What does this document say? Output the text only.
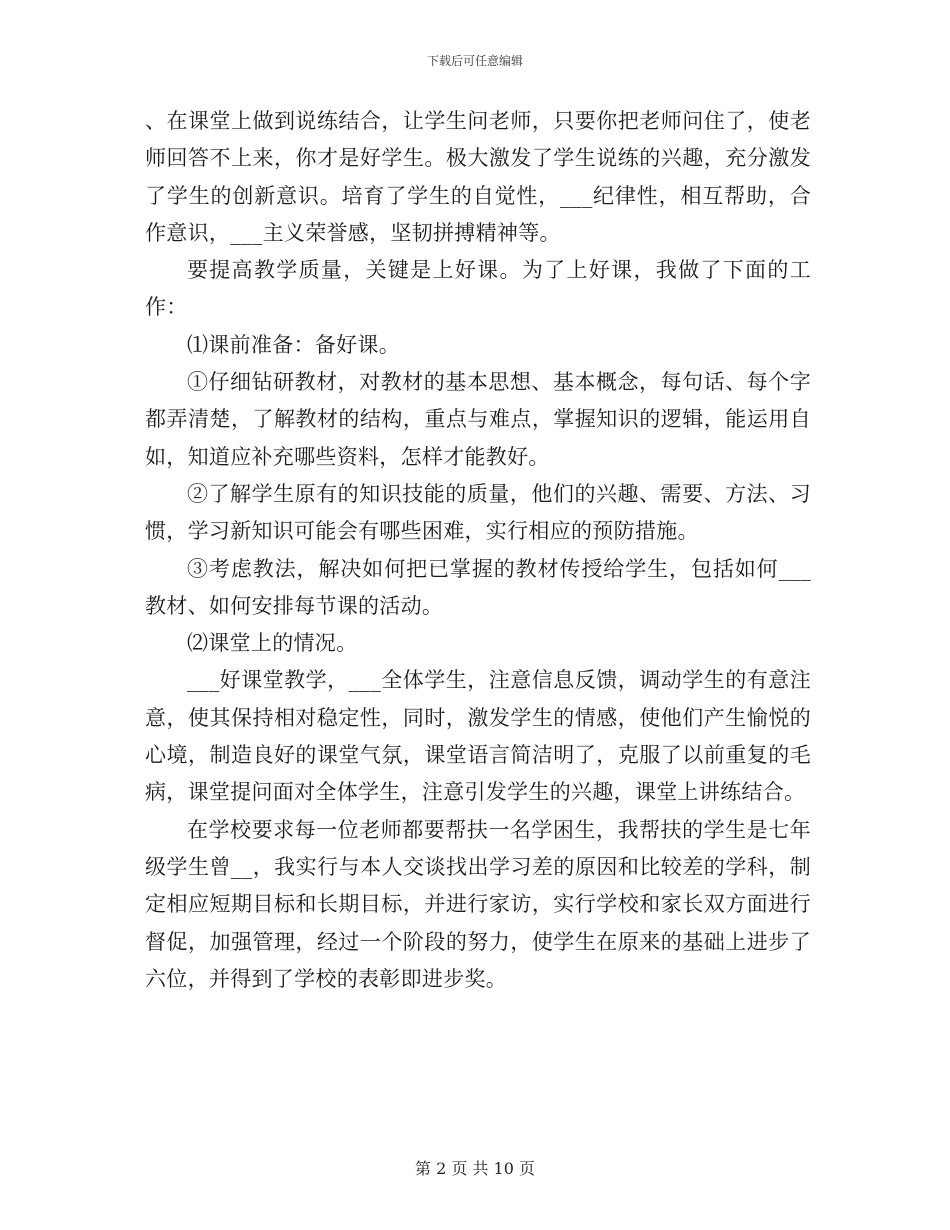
下载后可任意编辑

、在课堂上做到说练结合，让学生问老师，只要你把老师问住了，使老师回答不上来，你才是好学生。极大激发了学生说练的兴趣，充分激发了学生的创新意识。培育了学生的自觉性，___纪律性，相互帮助，合作意识，___主义荣誉感，坚韧拼搏精神等。

要提高教学质量，关键是上好课。为了上好课，我做了下面的工作：

⑴课前准备：备好课。

①仔细钻研教材，对教材的基本思想、基本概念，每句话、每个字都弄清楚，了解教材的结构，重点与难点，掌握知识的逻辑，能运用自如，知道应补充哪些资料，怎样才能教好。

②了解学生原有的知识技能的质量，他们的兴趣、需要、方法、习惯，学习新知识可能会有哪些困难，实行相应的预防措施。

③考虑教法，解决如何把已掌握的教材传授给学生，包括如何___教材、如何安排每节课的活动。

⑵课堂上的情况。

___好课堂教学，___全体学生，注意信息反馈，调动学生的有意注意，使其保持相对稳定性，同时，激发学生的情感，使他们产生愉悦的心境，制造良好的课堂气氛，课堂语言简洁明了，克服了以前重复的毛病，课堂提问面对全体学生，注意引发学生的兴趣，课堂上讲练结合。

在学校要求每一位老师都要帮扶一名学困生，我帮扶的学生是七年级学生曾__，我实行与本人交谈找出学习差的原因和比较差的学科，制定相应短期目标和长期目标，并进行家访，实行学校和家长双方面进行督促，加强管理，经过一个阶段的努力，使学生在原来的基础上进步了六位，并得到了学校的表彰即进步奖。

第 2 页 共 10 页
